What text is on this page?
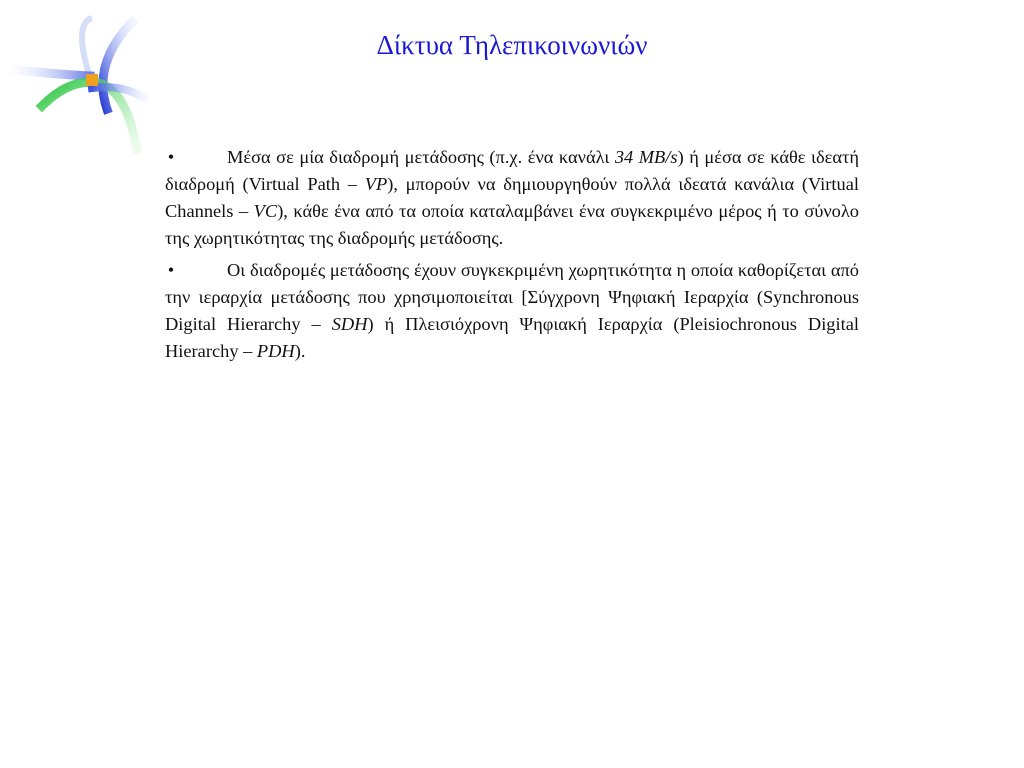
Δίκτυα Τηλεπικοινωνιών

•	Μέσα σε μία διαδρομή μετάδοσης (π.χ. ένα κανάλι 34 MB/s) ή μέσα σε κάθε ιδεατή διαδρομή (Virtual Path – VP), μπορούν να δημιουργηθούν πολλά ιδεατά κανάλια (Virtual Channels – VC), κάθε ένα από τα οποία καταλαμβάνει ένα συγκεκριμένο μέρος ή το σύνολο της χωρητικότητας της διαδρομής μετάδοσης.

•	Οι διαδρομές μετάδοσης έχουν συγκεκριμένη χωρητικότητα η οποία καθορίζεται από την ιεραρχία μετάδοσης που χρησιμοποιείται [Σύγχρονη Ψηφιακή Ιεραρχία (Synchronous Digital Hierarchy – SDH) ή Πλεισιόχρονη Ψηφιακή Ιεραρχία (Pleisiochronous Digital Hierarchy – PDH).
